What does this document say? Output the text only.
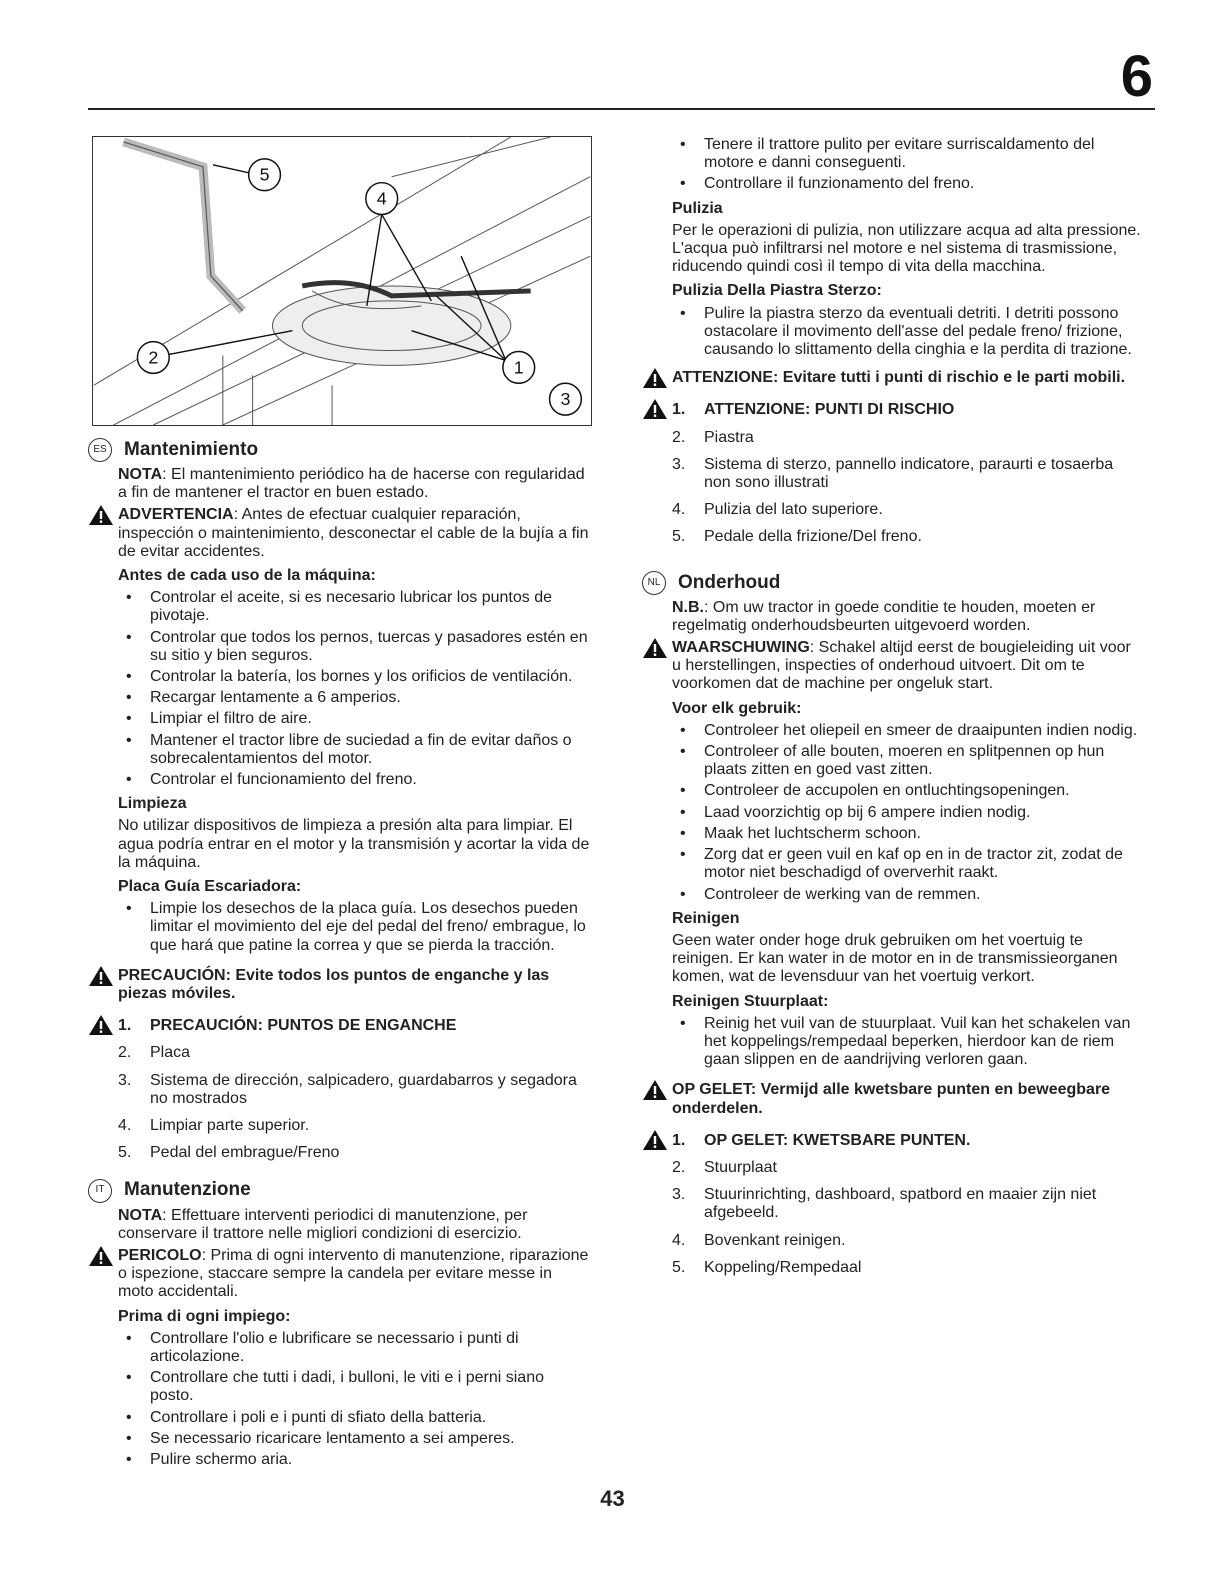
6
5
4
2	1
3
ES Mantenimiento

NOTA: El mantenimiento periódico ha de hacerse con regularidad a fin de mantener el tractor en buen estado.

ADVERTENCIA: Antes de efectuar cualquier reparación, inspección o maintenimiento, desconectar el cable de la bujía a fin de evitar accidentes.

Antes de cada uso de la máquina:
• Controlar el aceite, si es necesario lubricar los puntos de pivotaje.
• Controlar que todos los pernos, tuercas y pasadores estén en su sitio y bien seguros.
• Controlar la batería, los bornes y los orificios de ventilación.
• Recargar lentamente a 6 amperios.
• Limpiar el filtro de aire.
• Mantener el tractor libre de suciedad a fin de evitar daños o sobrecalentamientos del motor.
• Controlar el funcionamiento del freno.
Limpieza

No utilizar dispositivos de limpieza a presión alta para limpiar. El agua podría entrar en el motor y la transmisión y acortar la vida de la máquina.

Placa Guía Escariadora:
• Limpie los desechos de la placa guía. Los desechos pueden limitar el movimiento del eje del pedal del freno/ embrague, lo que hará que patine la correa y que se pierda la tracción.

PRECAUCIÓN: Evite todos los puntos de enganche y las piezas móviles.

1. PRECAUCIÓN: PUNTOS DE ENGANCHE
2. Placa
3. Sistema de dirección, salpicadero, guardabarros y segadora no mostrados
4. Limpiar parte superior.
5. Pedal del embrague/Freno
IT	Manutenzione

NOTA: Effettuare interventi periodici di manutenzione, per conservare il trattore nelle migliori condizioni di esercizio.

PERICOLO: Prima di ogni intervento di manutenzione, riparazione o ispezione, staccare sempre la candela per evitare messe in moto accidentali.

Prima di ogni impiego:
• Controllare l'olio e lubrificare se necessario i punti di articolazione.
• Controllare che tutti i dadi, i bulloni, le viti e i perni siano posto.
• Controllare i poli e i punti di sfiato della batteria.
• Se necessario ricaricare lentamento a sei amperes.
• Pulire schermo aria.
• Tenere il trattore pulito per evitare surriscaldamento del motore e danni conseguenti.
• Controllare il funzionamento del freno.
Pulizia

Per le operazioni di pulizia, non utilizzare acqua ad alta pressione. L'acqua può infiltrarsi nel motore e nel sistema di trasmissione, riducendo quindi così il tempo di vita della macchina.

Pulizia Della Piastra Sterzo:
• Pulire la piastra sterzo da eventuali detriti. I detriti possono ostacolare il movimento dell'asse del pedale freno/ frizione, causando lo slittamento della cinghia e la perdita di trazione.

ATTENZIONE: Evitare tutti i punti di rischio e le parti mobili.

1. ATTENZIONE: PUNTI DI RISCHIO
2. Piastra
3. Sistema di sterzo, pannello indicatore, paraurti e tosaerba non sono illustrati
4. Pulizia del lato superiore.
5. Pedale della frizione/Del freno.
NL Onderhoud

N.B.: Om uw tractor in goede conditie te houden, moeten er regelmatig onderhoudsbeurten uitgevoerd worden.

WAARSCHUWING: Schakel altijd eerst de bougieleiding uit voor u herstellingen, inspecties of onderhoud uitvoert. Dit om te voorkomen dat de machine per ongeluk start.

Voor elk gebruik:
• Controleer het oliepeil en smeer de draaipunten indien nodig.
• Controleer of alle bouten, moeren en splitpennen op hun plaats zitten en goed vast zitten.
• Controleer de accupolen en ontluchtingsopeningen.
• Laad voorzichtig op bij 6 ampere indien nodig.
• Maak het luchtscherm schoon.
• Zorg dat er geen vuil en kaf op en in de tractor zit, zodat de motor niet beschadigd of oververhit raakt.
• Controleer de werking van de remmen.
Reinigen

Geen water onder hoge druk gebruiken om het voertuig te reinigen. Er kan water in de motor en in de transmissieorganen komen, wat de levensduur van het voertuig verkort.

Reinigen Stuurplaat:
• Reinig het vuil van de stuurplaat. Vuil kan het schakelen van het koppelings/rempedaal beperken, hierdoor kan de riem gaan slippen en de aandrijving verloren gaan.

OP GELET: Vermijd alle kwetsbare punten en beweegbare onderdelen.

1. OP GELET: KWETSBARE PUNTEN.
2. Stuurplaat
3. Stuurinrichting, dashboard, spatbord en maaier zijn niet afgebeeld.
4. Bovenkant reinigen.
5. Koppeling/Rempedaal
43
